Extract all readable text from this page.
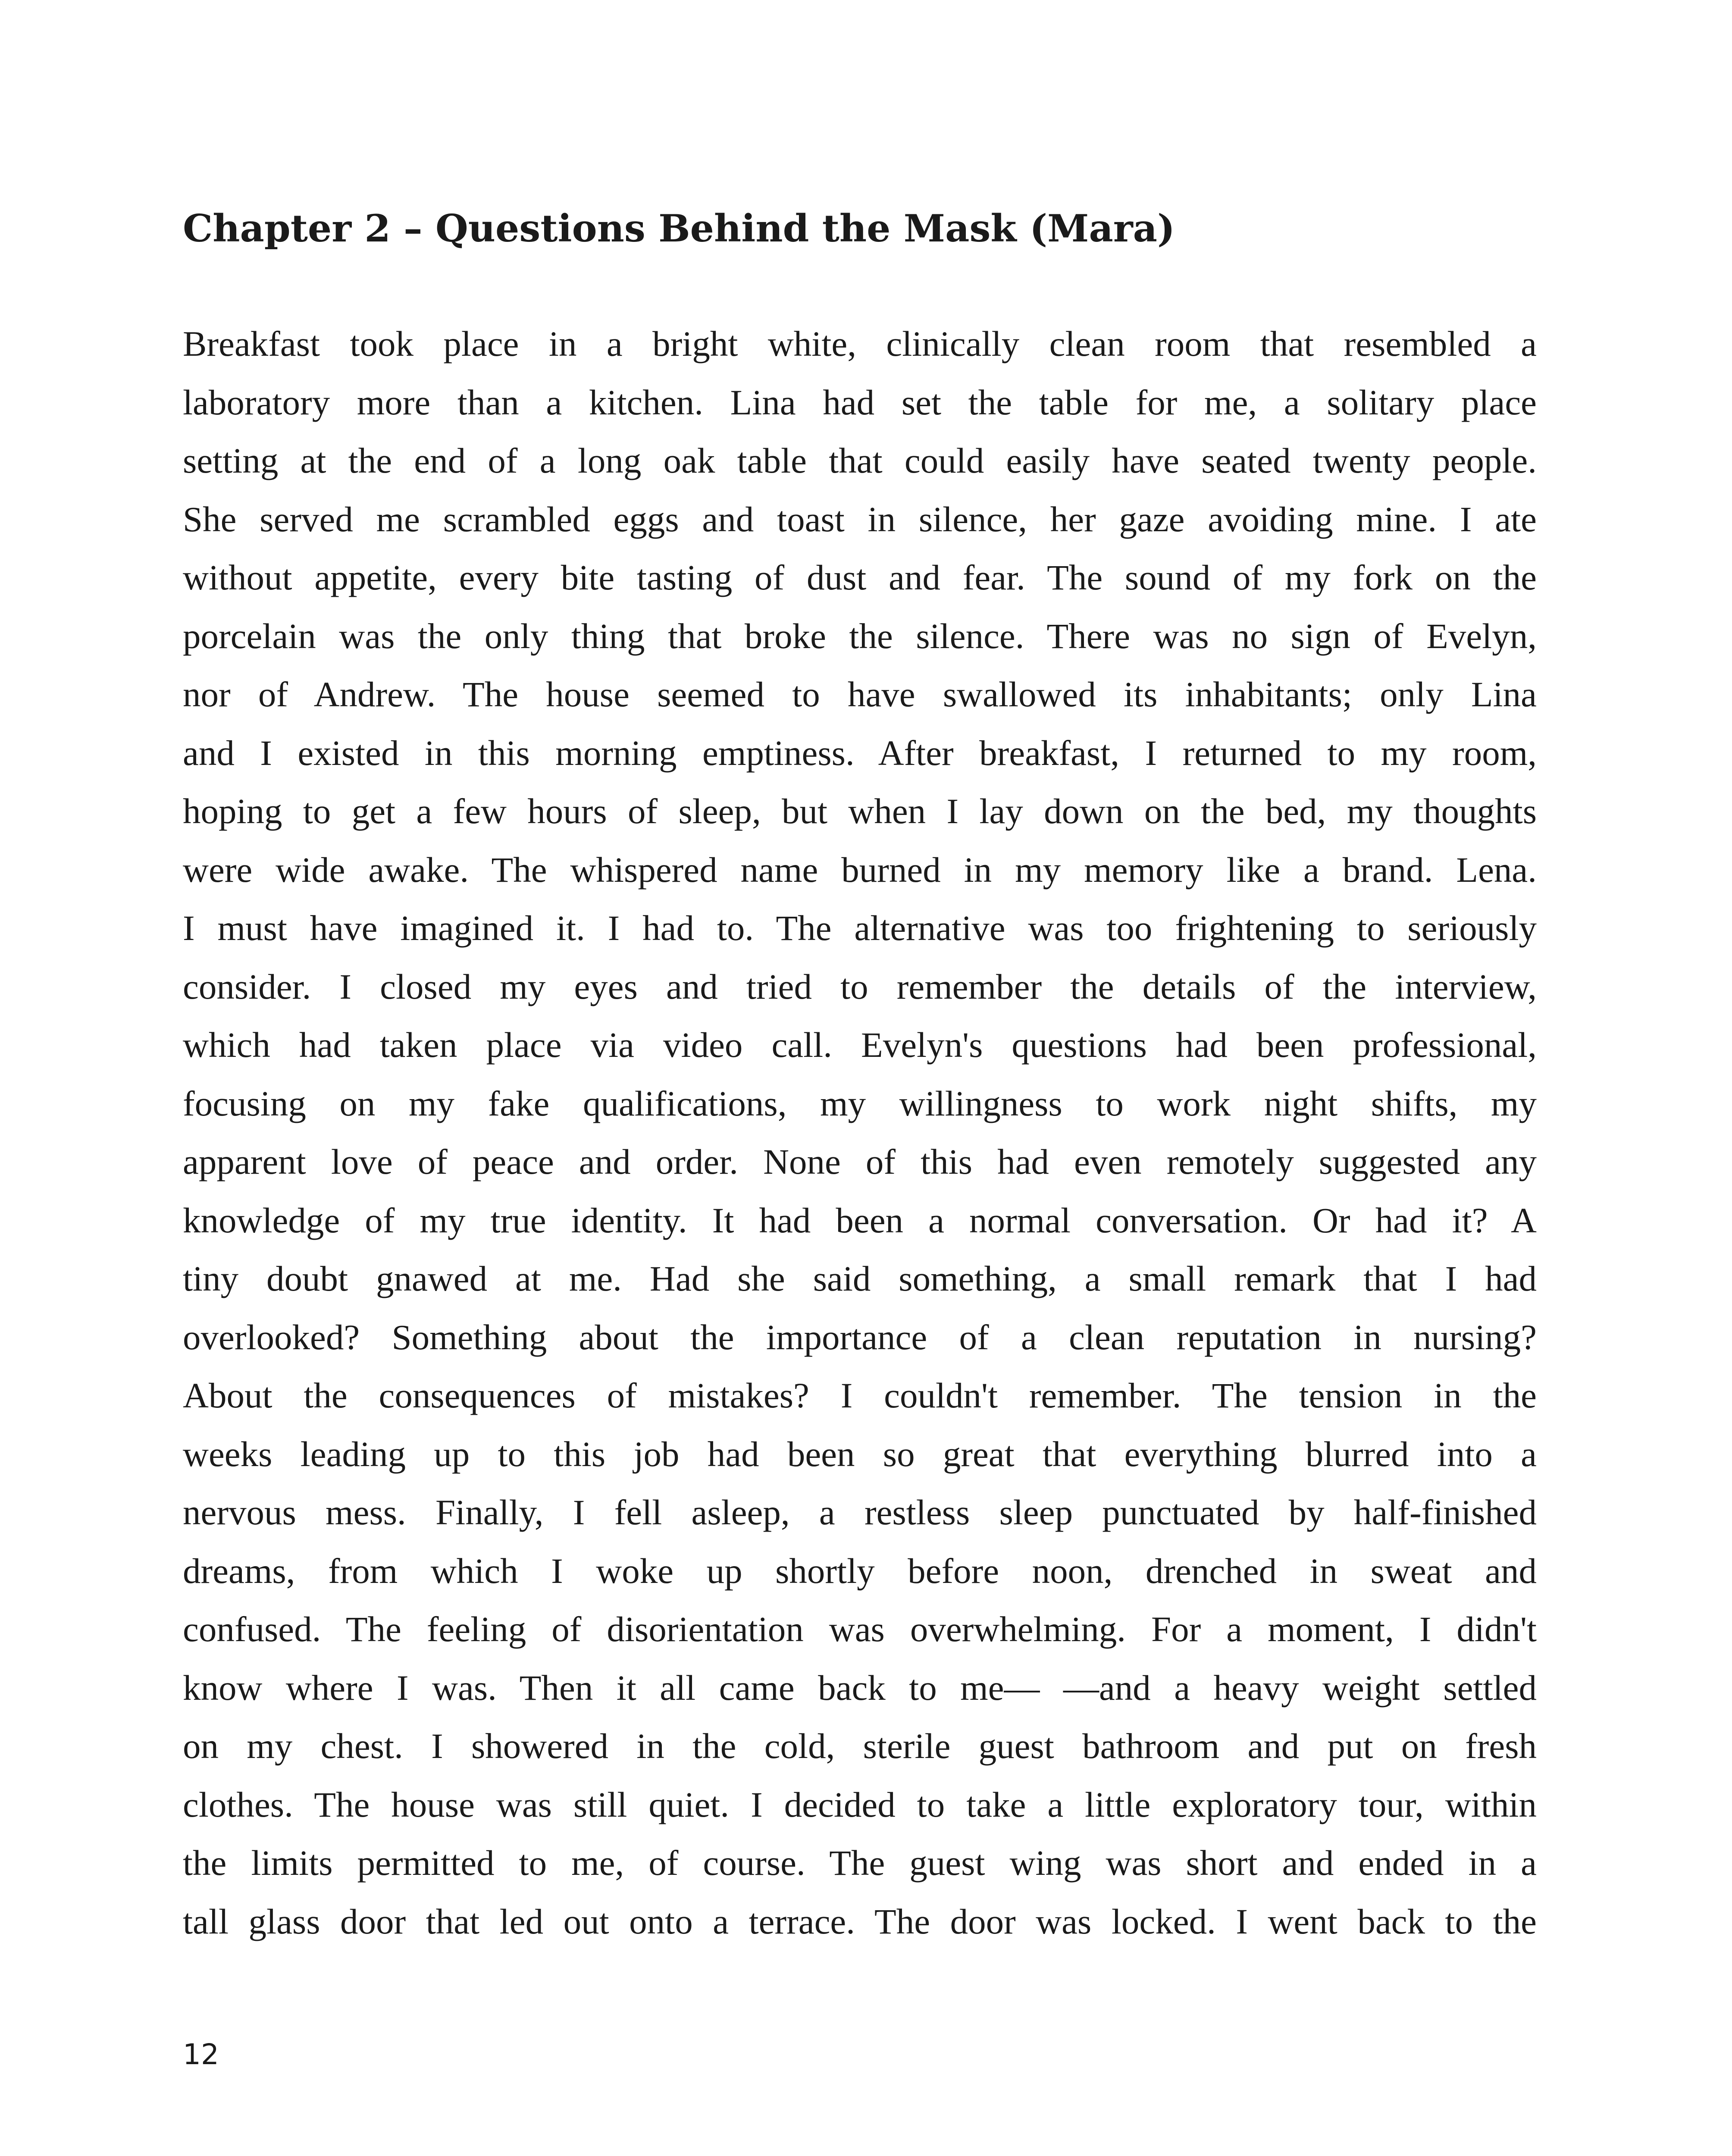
Chapter 2 – Questions Behind the Mask (Mara)
Breakfast took place in a bright white, clinically clean room that resembled a
laboratory more than a kitchen. Lina had set the table for me, a solitary place
setting at the end of a long oak table that could easily have seated twenty people.
She served me scrambled eggs and toast in silence, her gaze avoiding mine. I ate
without appetite, every bite tasting of dust and fear. The sound of my fork on the
porcelain was the only thing that broke the silence. There was no sign of Evelyn,
nor of Andrew. The house seemed to have swallowed its inhabitants; only Lina
and I existed in this morning emptiness. After breakfast, I returned to my room,
hoping to get a few hours of sleep, but when I lay down on the bed, my thoughts
were wide awake. The whispered name burned in my memory like a brand. Lena.
I must have imagined it. I had to. The alternative was too frightening to seriously
consider. I closed my eyes and tried to remember the details of the interview,
which had taken place via video call. Evelyn's questions had been professional,
focusing on my fake qualifications, my willingness to work night shifts, my
apparent love of peace and order. None of this had even remotely suggested any
knowledge of my true identity. It had been a normal conversation. Or had it? A
tiny doubt gnawed at me. Had she said something, a small remark that I had
overlooked? Something about the importance of a clean reputation in nursing?
About the consequences of mistakes? I couldn't remember. The tension in the
weeks leading up to this job had been so great that everything blurred into a
nervous mess. Finally, I fell asleep, a restless sleep punctuated by half-finished
dreams, from which I woke up shortly before noon, drenched in sweat and
confused. The feeling of disorientation was overwhelming. For a moment, I didn't
know where I was. Then it all came back to me— —and a heavy weight settled
on my chest. I showered in the cold, sterile guest bathroom and put on fresh
clothes. The house was still quiet. I decided to take a little exploratory tour, within
the limits permitted to me, of course. The guest wing was short and ended in a
tall glass door that led out onto a terrace. The door was locked. I went back to the
12
